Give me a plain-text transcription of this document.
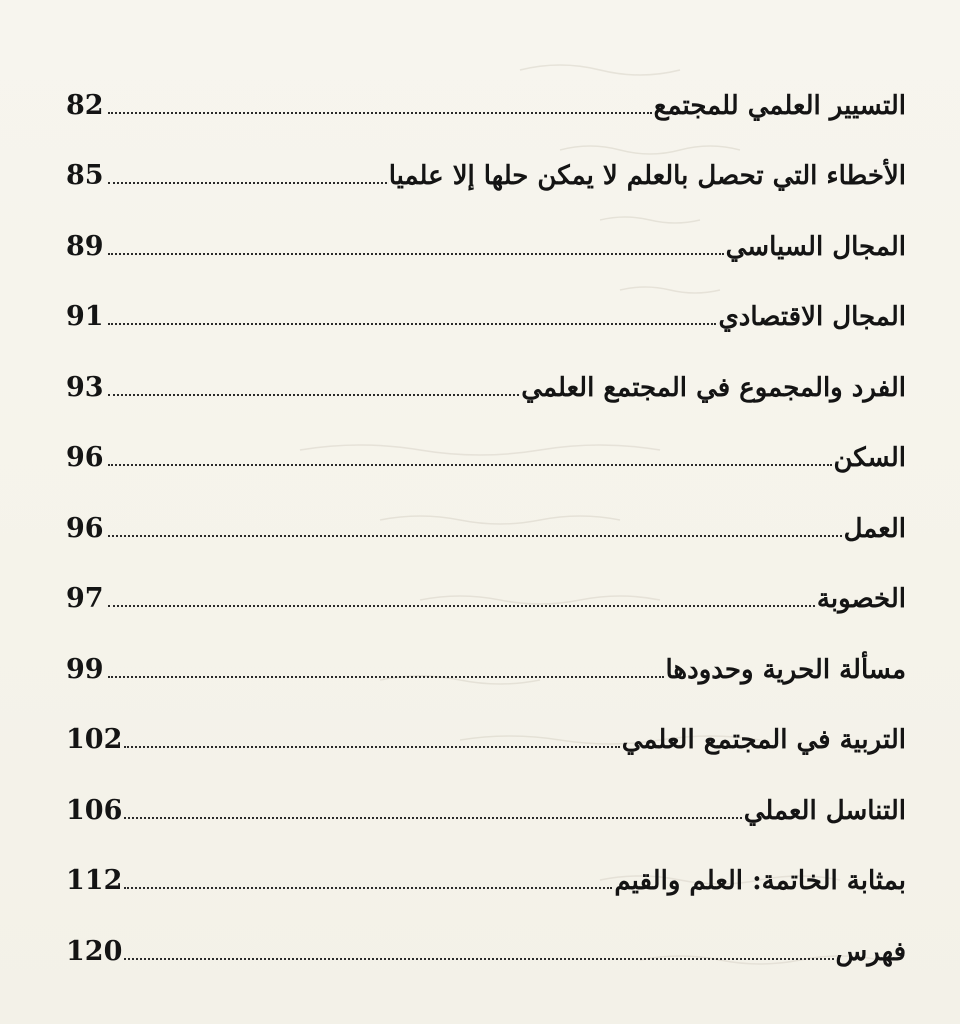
التسيير العلمي للمجتمع
82
الأخطاء التي تحصل بالعلم لا يمكن حلها إلا علميا
85
المجال السياسي
89
المجال الاقتصادي
91
الفرد والمجموع في المجتمع العلمي
93
السكن
96
العمل
96
الخصوبة
97
مسألة الحرية وحدودها
99
التربية في المجتمع العلمي
102
التناسل العملي
106
بمثابة الخاتمة: العلم والقيم
112
فهرس
120
